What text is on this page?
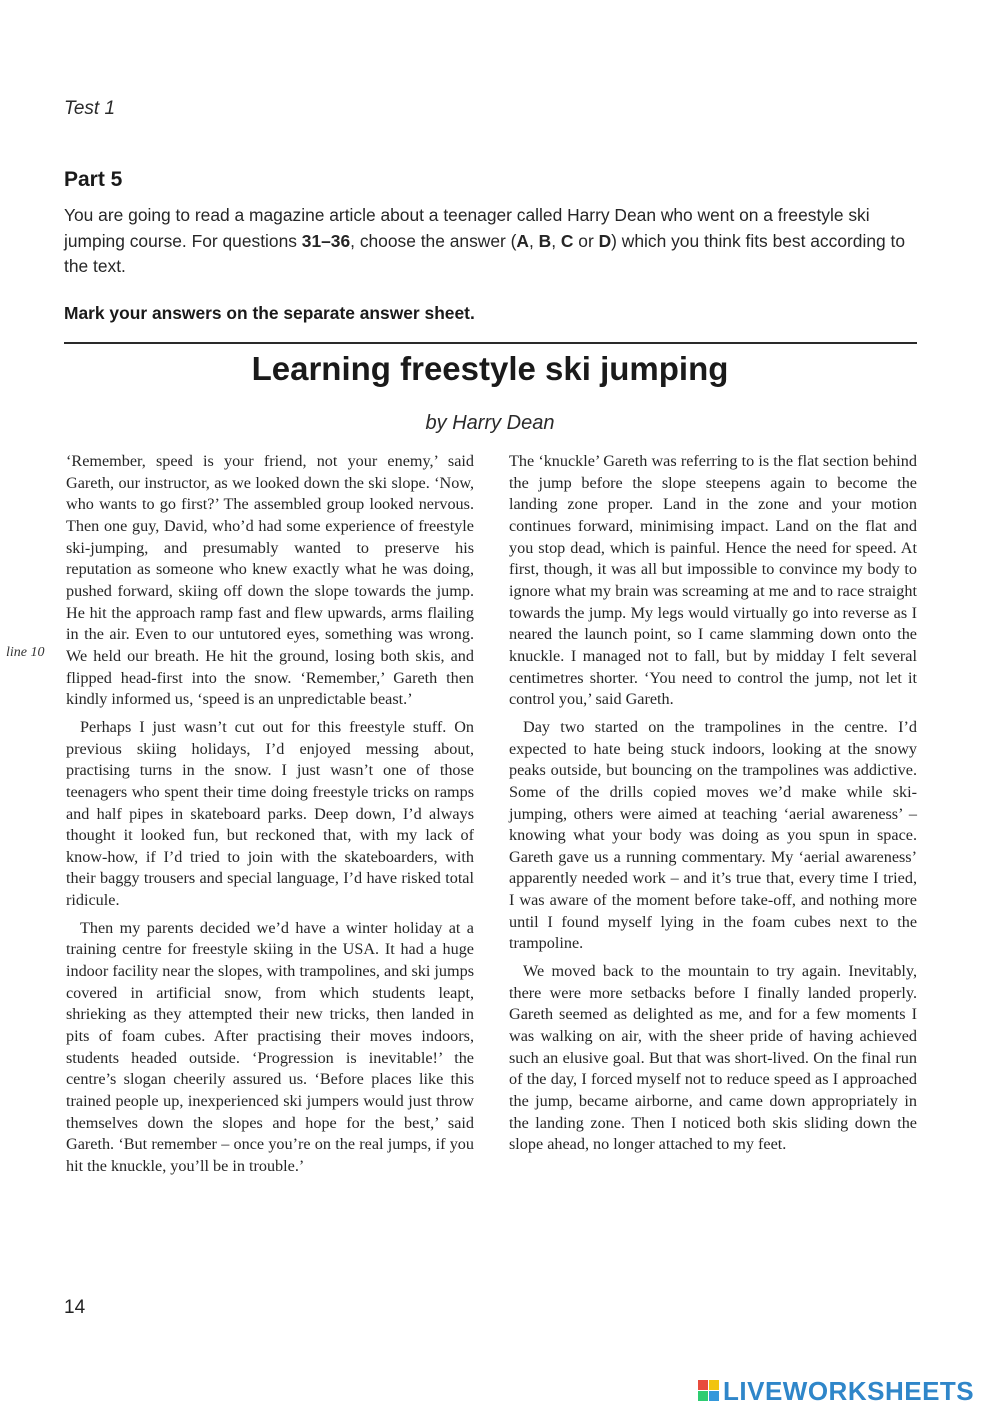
Test 1
Part 5
You are going to read a magazine article about a teenager called Harry Dean who went on a freestyle ski jumping course. For questions 31–36, choose the answer (A, B, C or D) which you think fits best according to the text.
Mark your answers on the separate answer sheet.
Learning freestyle ski jumping
by Harry Dean
line 10

‘Remember, speed is your friend, not your enemy,’ said Gareth, our instructor, as we looked down the ski slope. ‘Now, who wants to go first?’ The assembled group looked nervous. Then one guy, David, who’d had some experience of freestyle ski-jumping, and presumably wanted to preserve his reputation as someone who knew exactly what he was doing, pushed forward, skiing off down the slope towards the jump. He hit the approach ramp fast and flew upwards, arms flailing in the air. Even to our untutored eyes, something was wrong. We held our breath. He hit the ground, losing both skis, and flipped head-first into the snow. ‘Remember,’ Gareth then kindly informed us, ‘speed is an unpredictable beast.’

Perhaps I just wasn’t cut out for this freestyle stuff. On previous skiing holidays, I’d enjoyed messing about, practising turns in the snow. I just wasn’t one of those teenagers who spent their time doing freestyle tricks on ramps and half pipes in skateboard parks. Deep down, I’d always thought it looked fun, but reckoned that, with my lack of know-how, if I’d tried to join with the skateboarders, with their baggy trousers and special language, I’d have risked total ridicule.

Then my parents decided we’d have a winter holiday at a training centre for freestyle skiing in the USA. It had a huge indoor facility near the slopes, with trampolines, and ski jumps covered in artificial snow, from which students leapt, shrieking as they attempted their new tricks, then landed in pits of foam cubes. After practising their moves indoors, students headed outside. ‘Progression is inevitable!’ the centre’s slogan cheerily assured us. ‘Before places like this trained people up, inexperienced ski jumpers would just throw themselves down the slopes and hope for the best,’ said Gareth. ‘But remember – once you’re on the real jumps, if you hit the knuckle, you’ll be in trouble.’

The ‘knuckle’ Gareth was referring to is the flat section behind the jump before the slope steepens again to become the landing zone proper. Land in the zone and your motion continues forward, minimising impact. Land on the flat and you stop dead, which is painful. Hence the need for speed. At first, though, it was all but impossible to convince my body to ignore what my brain was screaming at me and to race straight towards the jump. My legs would virtually go into reverse as I neared the launch point, so I came slamming down onto the knuckle. I managed not to fall, but by midday I felt several centimetres shorter. ‘You need to control the jump, not let it control you,’ said Gareth.

Day two started on the trampolines in the centre. I’d expected to hate being stuck indoors, looking at the snowy peaks outside, but bouncing on the trampolines was addictive. Some of the drills copied moves we’d make while ski-jumping, others were aimed at teaching ‘aerial awareness’ – knowing what your body was doing as you spun in space. Gareth gave us a running commentary. My ‘aerial awareness’ apparently needed work – and it’s true that, every time I tried, I was aware of the moment before take-off, and nothing more until I found myself lying in the foam cubes next to the trampoline.

We moved back to the mountain to try again. Inevitably, there were more setbacks before I finally landed properly. Gareth seemed as delighted as me, and for a few moments I was walking on air, with the sheer pride of having achieved such an elusive goal. But that was short-lived. On the final run of the day, I forced myself not to reduce speed as I approached the jump, became airborne, and came down appropriately in the landing zone. Then I noticed both skis sliding down the slope ahead, no longer attached to my feet.

14
LIVEWORKSHEETS
